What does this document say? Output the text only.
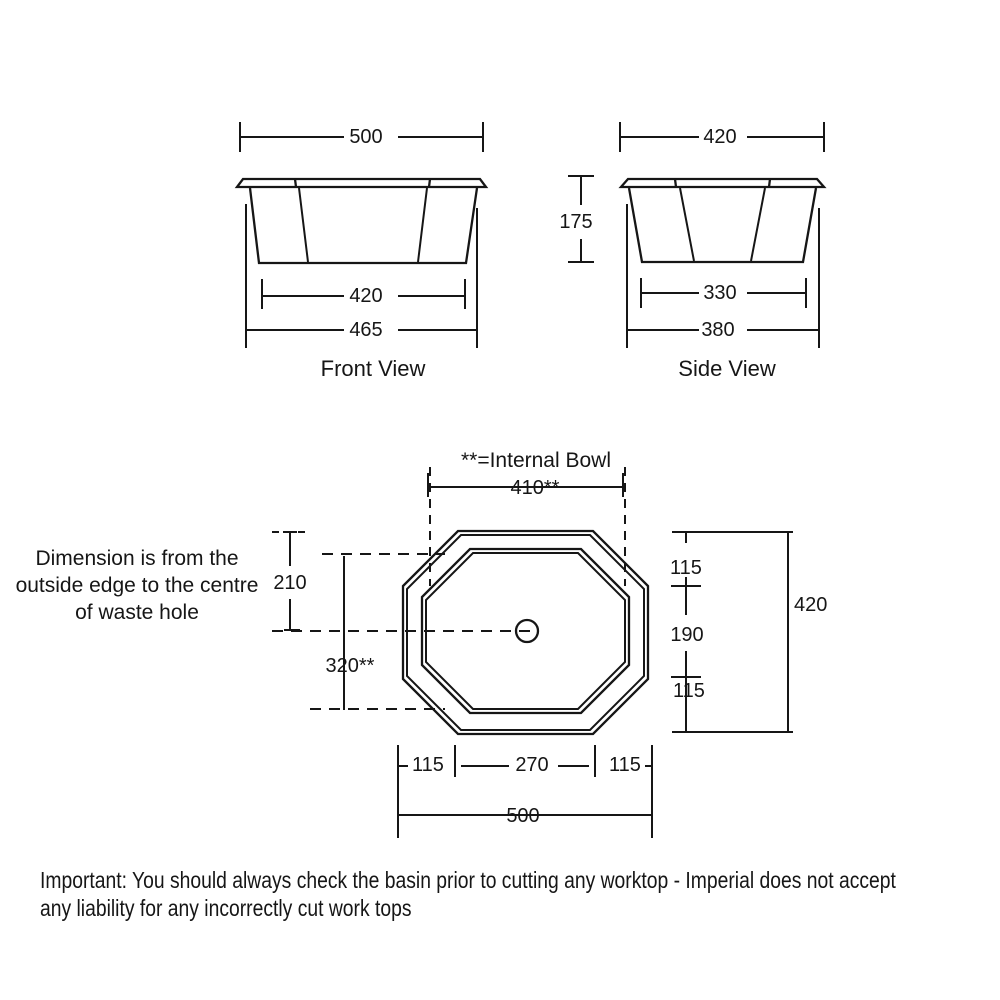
500
420
465
Front View
420
175
330
380
Side View
**=Internal Bowl
410**
210
320**
115
190
115
420
115	270	115
500
Dimension is from the outside edge to the centre of waste hole
Important: You should always check the basin prior to cutting any worktop - Imperial does not accept
any liability for any incorrectly cut work tops
